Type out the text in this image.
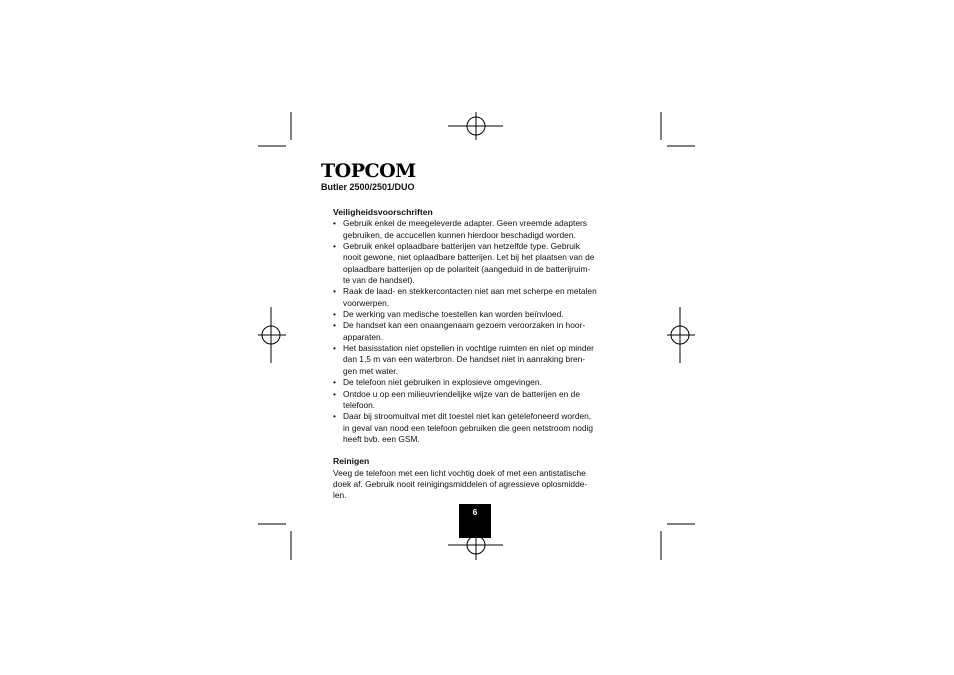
TOPCOM
Butler 2500/2501/DUO

Veiligheidsvoorschriften

• Gebruik enkel de meegeleverde adapter. Geen vreemde adapters
gebruiken, de accucellen kunnen hierdoor beschadigd worden.
• Gebruik enkel oplaadbare batterijen van hetzelfde type. Gebruik
nooit gewone, niet oplaadbare batterijen. Let bij het plaatsen van de
oplaadbare batterijen op de polariteit (aangeduid in de batterijruim-
te van de handset).
• Raak de laad- en stekkercontacten niet aan met scherpe en metalen
voorwerpen.
• De werking van medische toestellen kan worden beïnvloed.
• De handset kan een onaangenaam gezoem veroorzaken in hoor-
apparaten.
• Het basisstation niet opstellen in vochtige ruimten en niet op minder
dan 1,5 m van een waterbron. De handset niet in aanraking bren-
gen met water.
• De telefoon niet gebruiken in explosieve omgevingen.
• Ontdoe u op een milieuvriendelijke wijze van de batterijen en de
telefoon.
• Daar bij stroomuitval met dit toestel niet kan getelefoneerd worden,
in geval van nood een telefoon gebruiken die geen netstroom nodig
heeft bvb. een GSM.

Reinigen

Veeg de telefoon met een licht vochtig doek of met een antistatische
doek af. Gebruik nooit reinigingsmiddelen of agressieve oplosmidde-
len.

6
